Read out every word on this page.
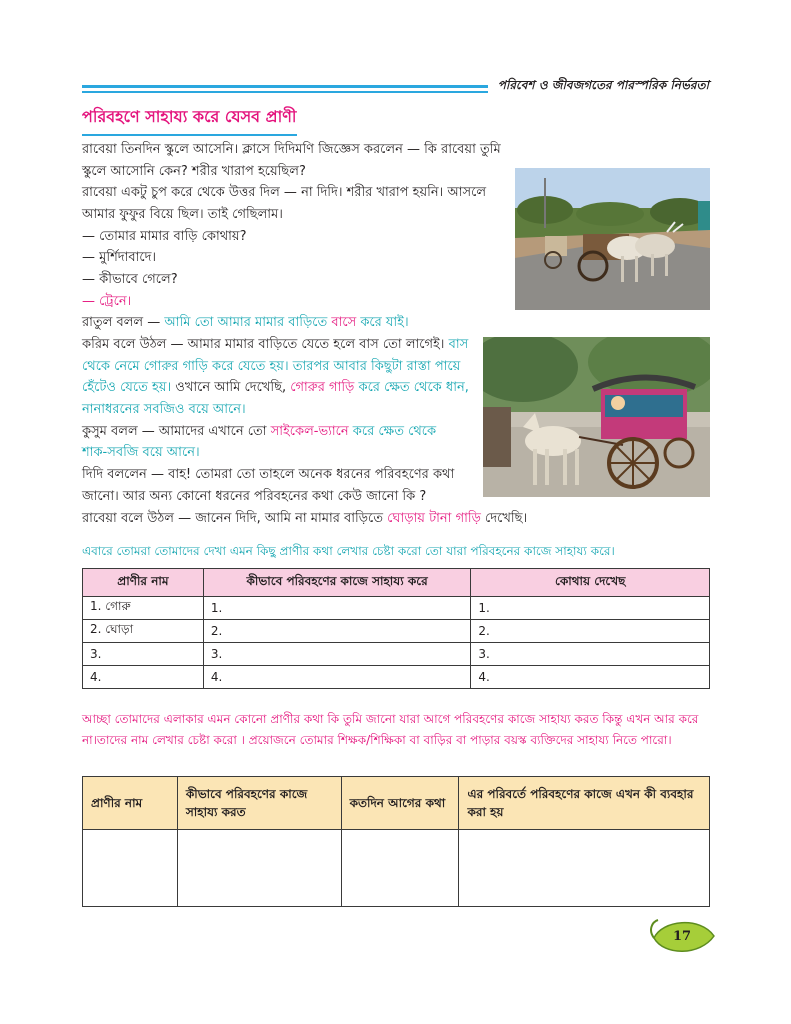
পরিবেশ ও জীবজগতের পারস্পরিক নির্ভরতা
পরিবহণে সাহায্য করে যেসব প্রাণী
রাবেয়া তিনদিন স্কুলে আসেনি। ক্লাসে দিদিমণি জিজ্ঞেস করলেন — কি রাবেয়া তুমি
স্কুলে আসোনি কেন? শরীর খারাপ হয়েছিল?
রাবেয়া একটু চুপ করে থেকে উত্তর দিল — না দিদি। শরীর খারাপ হয়নি। আসলে
আমার ফুফুর বিয়ে ছিল। তাই গেছিলাম।
— তোমার মামার বাড়ি কোথায়?
— মুর্শিদাবাদে।
— কীভাবে গেলে?
— ট্রেনে।
রাতুল বলল — আমি তো আমার মামার বাড়িতে বাসে করে যাই।
করিম বলে উঠল — আমার মামার বাড়িতে যেতে হলে বাস তো লাগেই। বাস
থেকে নেমে গোরুর গাড়ি করে যেতে হয়। তারপর আবার কিছুটা রাস্তা পায়ে
হেঁটেও যেতে হয়। ওখানে আমি দেখেছি, গোরুর গাড়ি করে ক্ষেত থেকে ধান,
নানাধরনের সবজিও বয়ে আনে।
কুসুম বলল — আমাদের এখানে তো সাইকেল-ভ্যানে করে ক্ষেত থেকে
শাক-সবজি বয়ে আনে।
দিদি বললেন — বাহ! তোমরা তো তাহলে অনেক ধরনের পরিবহণের কথা
জানো। আর অন্য কোনো ধরনের পরিবহনের কথা কেউ জানো কি ?
রাবেয়া বলে উঠল — জানেন দিদি, আমি না মামার বাড়িতে ঘোড়ায় টানা গাড়ি দেখেছি।
এবারে তোমরা তোমাদের দেখা এমন কিছু প্রাণীর কথা লেখার চেষ্টা করো তো যারা পরিবহনের কাজে সাহায্য করে।
প্রাণীর নাম	কীভাবে পরিবহণের কাজে সাহায্য করে	কোথায় দেখেছ
1. গোরু	1.	1.
2. ঘোড়া	2.	2.
3.	3.	3.
4.	4.	4.
আচ্ছা তোমাদের এলাকার এমন কোনো প্রাণীর কথা কি তুমি জানো যারা আগে পরিবহণের কাজে সাহায্য করত কিন্তু এখন আর করে না।তাদের নাম লেখার চেষ্টা করো । প্রয়োজনে তোমার শিক্ষক/শিক্ষিকা বা বাড়ির বা পাড়ার বয়স্ক ব্যক্তিদের সাহায্য নিতে পারো।
প্রাণীর নাম	কীভাবে পরিবহণের কাজে সাহায্য করত	কতদিন আগের কথা	এর পরিবর্তে পরিবহণের কাজে এখন কী ব্যবহার করা হয়

17
